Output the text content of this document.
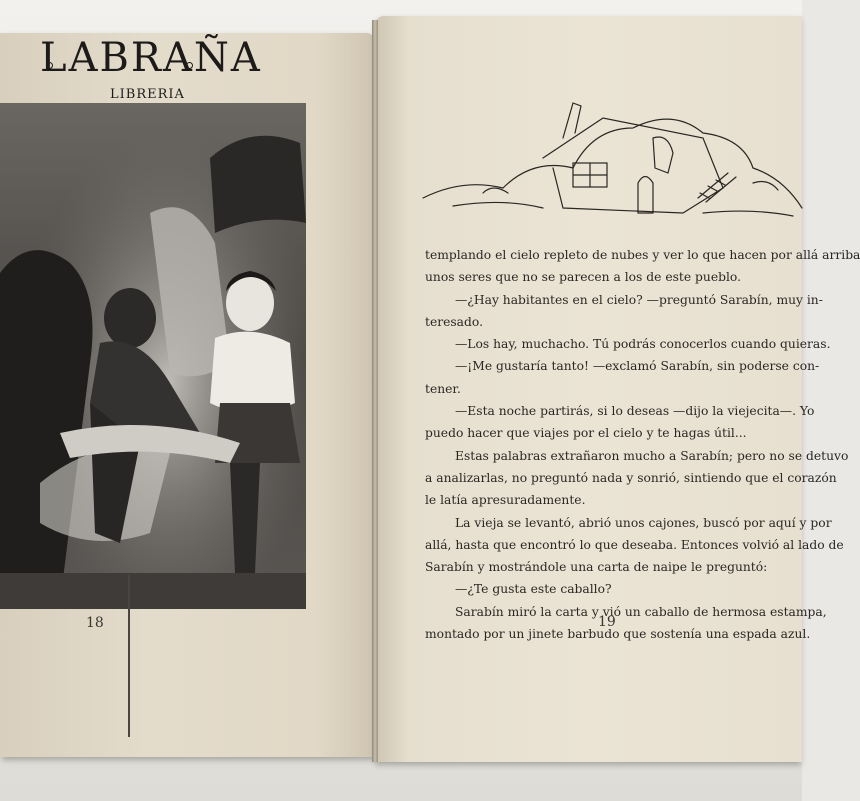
LABRAÑA
LIBRERIA
18
templando el cielo repleto de nubes y ver lo que hacen por allá arriba
unos seres que no se parecen a los de este pueblo.
—¿Hay habitantes en el cielo? —preguntó Sarabín, muy in-
teresado.
—Los hay, muchacho. Tú podrás conocerlos cuando quieras.
—¡Me gustaría tanto! —exclamó Sarabín, sin poderse con-
tener.
—Esta noche partirás, si lo deseas —dijo la viejecita—. Yo
puedo hacer que viajes por el cielo y te hagas útil...
Estas palabras extrañaron mucho a Sarabín; pero no se detuvo
a analizarlas, no preguntó nada y sonrió, sintiendo que el corazón
le latía apresuradamente.
La vieja se levantó, abrió unos cajones, buscó por aquí y por
allá, hasta que encontró lo que deseaba. Entonces volvió al lado de
Sarabín y mostrándole una carta de naipe le preguntó:
—¿Te gusta este caballo?
Sarabín miró la carta y vió un caballo de hermosa estampa,
montado por un jinete barbudo que sostenía una espada azul.
19
